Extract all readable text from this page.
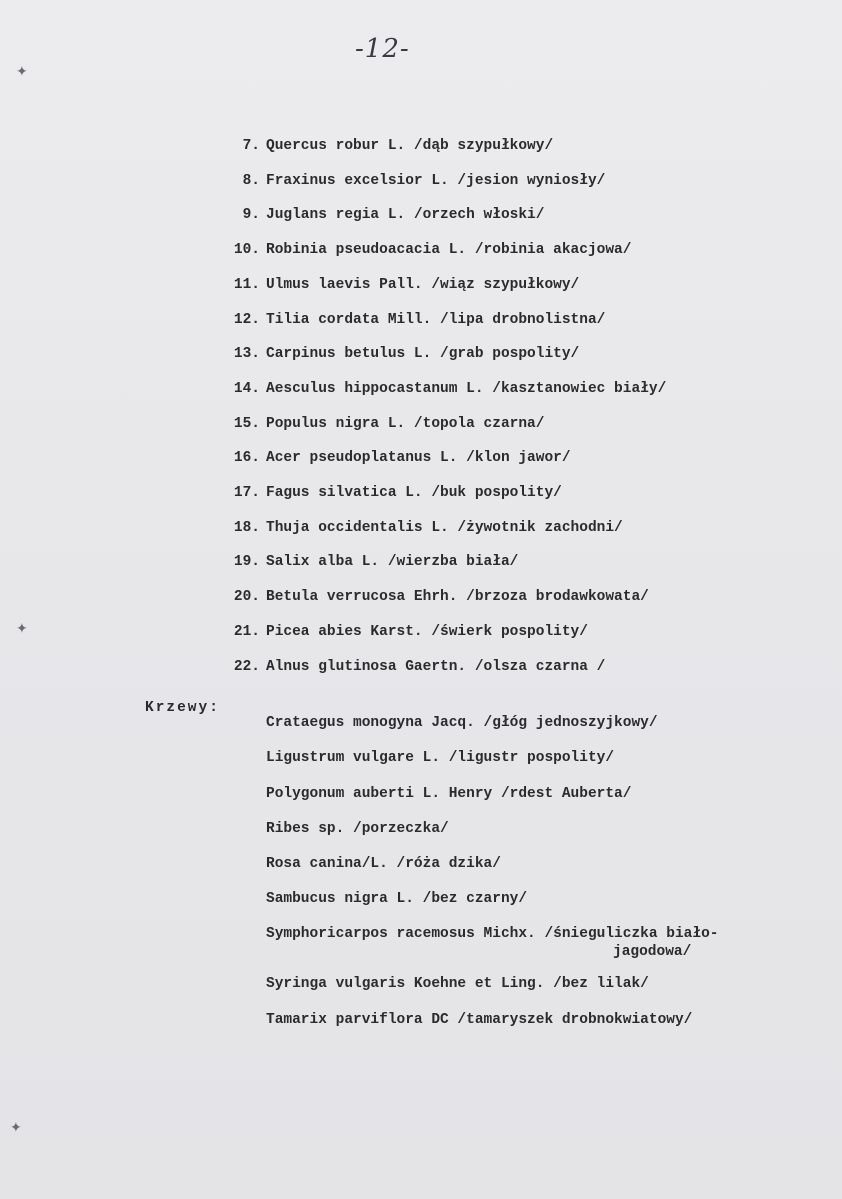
-12-
✦
✦
✦
7. Quercus robur L. /dąb szypułkowy/
8. Fraxinus excelsior L. /jesion wyniosły/
9. Juglans regia L. /orzech włoski/
10. Robinia pseudoacacia L. /robinia akacjowa/
11. Ulmus laevis Pall. /wiąz szypułkowy/
12. Tilia cordata Mill. /lipa drobnolistna/
13. Carpinus betulus L. /grab pospolity/
14. Aesculus hippocastanum L. /kasztanowiec biały/
15. Populus nigra L. /topola czarna/
16. Acer pseudoplatanus L. /klon jawor/
17. Fagus silvatica L. /buk pospolity/
18. Thuja occidentalis L. /żywotnik zachodni/
19. Salix alba L. /wierzba biała/
20. Betula verrucosa Ehrh. /brzoza brodawkowata/
21. Picea abies Karst. /świerk pospolity/
22. Alnus glutinosa Gaertn. /olsza czarna /
Krzewy:
Crataegus monogyna Jacq. /głóg jednoszyjkowy/
Ligustrum vulgare L. /ligustr pospolity/
Polygonum auberti L. Henry /rdest Auberta/
Ribes sp. /porzeczka/
Rosa canina/L. /róża dzika/
Sambucus nigra L. /bez czarny/
Symphoricarpos racemosus Michx. /śnieguliczka biało-
jagodowa/
Syringa vulgaris Koehne et Ling. /bez lilak/
Tamarix parviflora DC /tamaryszek drobnokwiatowy/
